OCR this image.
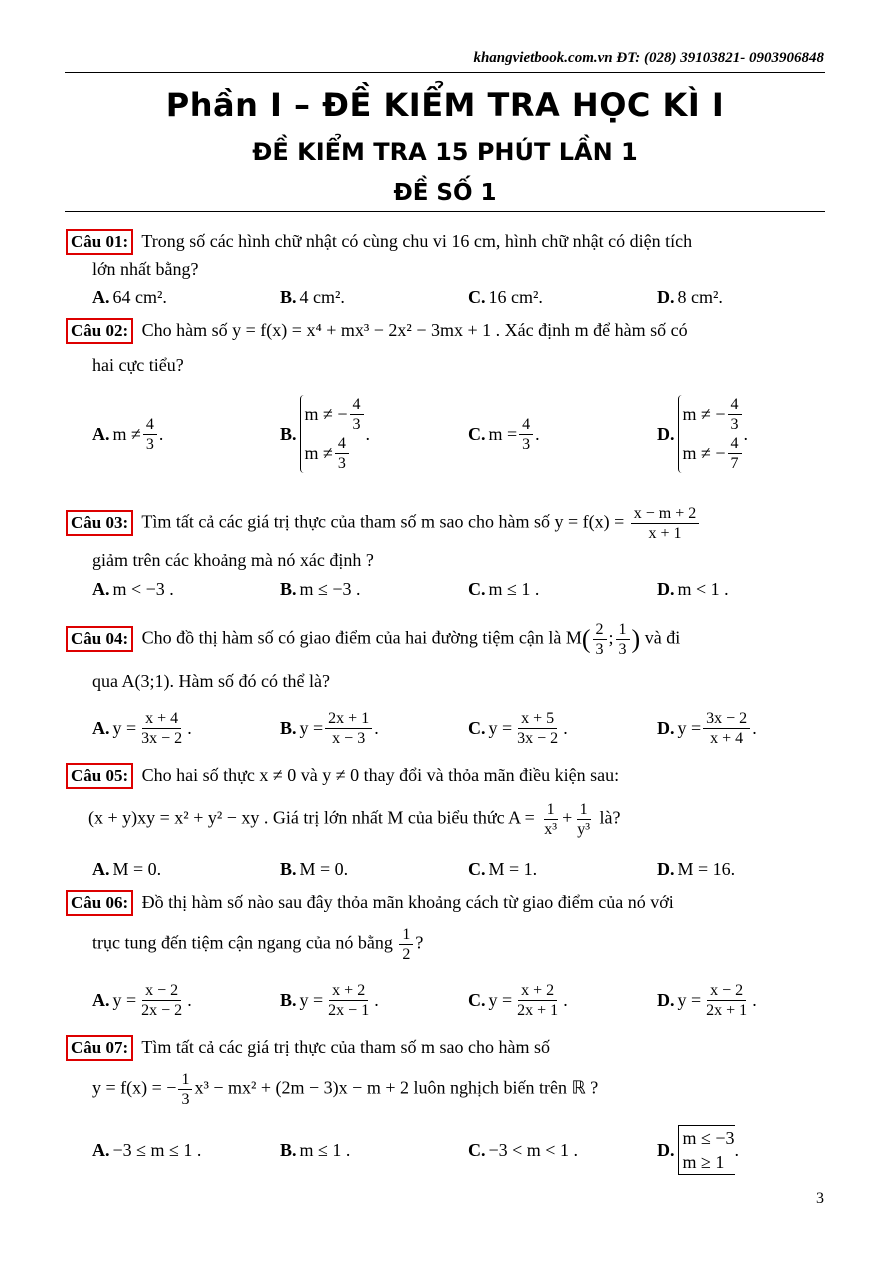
khangvietbook.com.vn ĐT: (028) 39103821- 0903906848
Phần I – ĐỀ KIỂM TRA HỌC KÌ I
ĐỀ KIỂM TRA 15 PHÚT LẦN 1
ĐỀ SỐ 1
Câu 01: Trong số các hình chữ nhật có cùng chu vi 16 cm, hình chữ nhật có diện tích
lớn nhất bằng?
A. 64 cm².	B. 4 cm².	C. 16 cm².	D. 8 cm².
Câu 02: Cho hàm số y = f(x) = x⁴ + mx³ − 2x² − 3mx + 1 . Xác định m để hàm số có
hai cực tiểu?
A. $m \ne \frac{4}{3}$ .	B.
m ≠ − $\frac{4}{3}$
$m \ne \frac{4}{3}$
.	C. $m = \frac{4}{3}$ .	D.
m ≠ − $\frac{4}{3}$
m ≠ − $\frac{4}{7}$
.
Câu 03: Tìm tất cả các giá trị thực của tham số m sao cho hàm số $y = f(x) = \frac{x - m + 2}{x + 1}$
giảm trên các khoảng mà nó xác định ?
A. m < −3 .	B. m ≤ −3 .	C. m ≤ 1 .	D. m < 1 .
Câu 04: Cho đồ thị hàm số có giao điểm của hai đường tiệm cận là $M( \frac{2}{3}$ ; $\frac{1}{3}$ ) và đi
qua A(3;1). Hàm số đó có thể là?
A. $y = \frac{x + 4}{3x - 2}$ .	B. $y = \frac{2x + 1}{x - 3}$ .	C. $y = \frac{x + 5}{3x - 2}$ .	D. $y = \frac{3x - 2}{x + 4}$ .
Câu 05: Cho hai số thực x ≠ 0 và y ≠ 0 thay đổi và thỏa mãn điều kiện sau:
(x + y)xy = x² + y² − xy . Giá trị lớn nhất M của biểu thức $A = \frac{1}{\text{x³}} + \frac{1}{\text{y³}}$ là?
A. M = 0.	B. M = 0.	C. M = 1.	D. M = 16.
Câu 06: Đồ thị hàm số nào sau đây thỏa mãn khoảng cách từ giao điểm của nó với
trục tung đến tiệm cận ngang của nó bằng $\frac{1}{2}$ ?
A. $y = \frac{x - 2}{2x - 2}$ .	B. $y = \frac{x + 2}{2x - 1}$ .	C. $y = \frac{x + 2}{2x + 1}$ .	D. $y = \frac{x - 2}{2x + 1}$ .
Câu 07: Tìm tất cả các giá trị thực của tham số m sao cho hàm số
y = f(x) = − $\frac{1}{3} x^3 - mx^2 + (2m - 3)x - m + 2$ luôn nghịch biến trên ℝ ?
A. −3 ≤ m ≤ 1 .	B. m ≤ 1 .	C. −3 < m < 1 .	D.
m ≤ −3
m ≥ 1
.
3
